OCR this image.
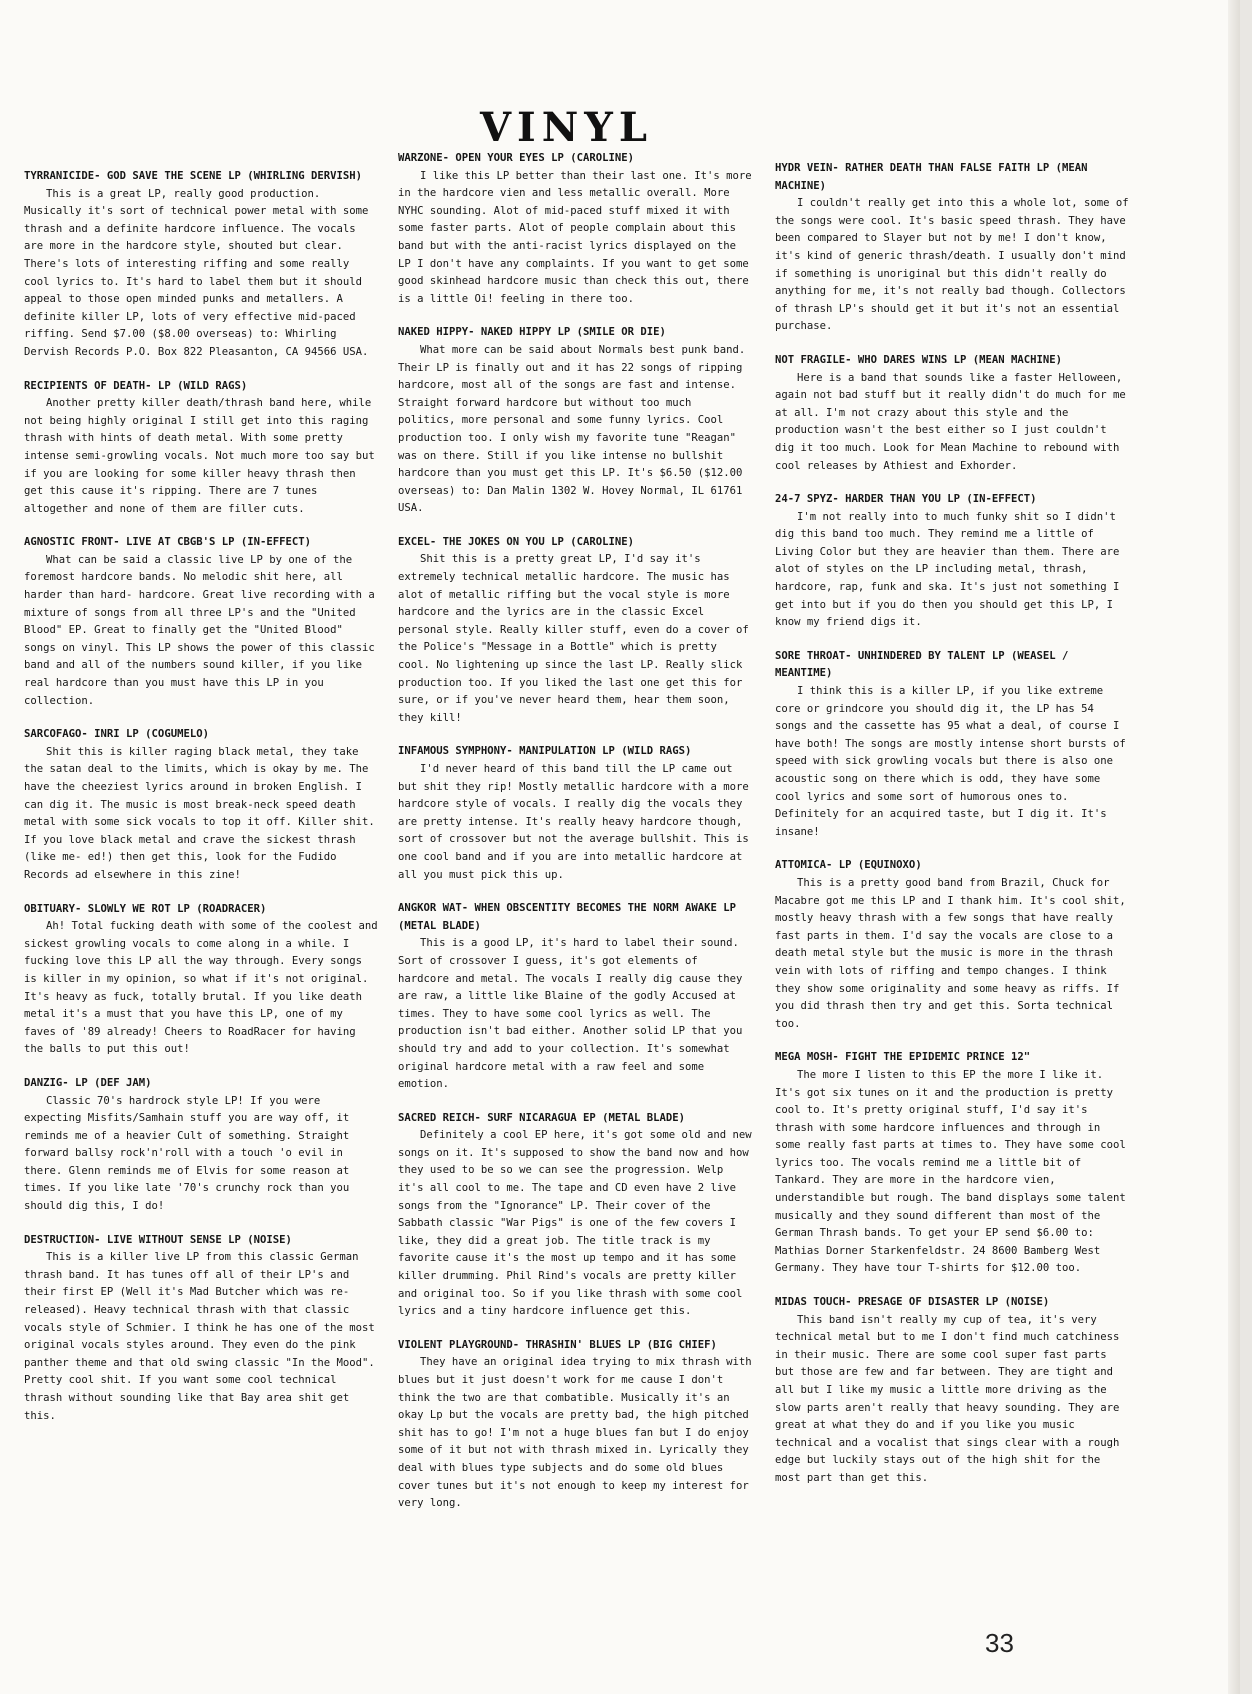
VINYL
TYRRANICIDE- GOD SAVE THE SCENE LP (WHIRLING DERVISH)

This is a great LP, really good production. Musically it's sort of technical power metal with some thrash and a definite hardcore influence. The vocals are more in the hardcore style, shouted but clear. There's lots of interesting riffing and some really cool lyrics to. It's hard to label them but it should appeal to those open minded punks and metallers. A definite killer LP, lots of very effective mid-paced riffing. Send $7.00 ($8.00 overseas) to: Whirling Dervish Records P.O. Box 822 Pleasanton, CA 94566 USA.

RECIPIENTS OF DEATH- LP (WILD RAGS)

Another pretty killer death/thrash band here, while not being highly original I still get into this raging thrash with hints of death metal. With some pretty intense semi-growling vocals. Not much more too say but if you are looking for some killer heavy thrash then get this cause it's ripping. There are 7 tunes altogether and none of them are filler cuts.

AGNOSTIC FRONT- LIVE AT CBGB'S LP (IN-EFFECT)

What can be said a classic live LP by one of the foremost hardcore bands. No melodic shit here, all harder than hard- hardcore. Great live recording with a mixture of songs from all three LP's and the "United Blood" EP. Great to finally get the "United Blood" songs on vinyl. This LP shows the power of this classic band and all of the numbers sound killer, if you like real hardcore than you must have this LP in you collection.

SARCOFAGO- INRI LP (COGUMELO)

Shit this is killer raging black metal, they take the satan deal to the limits, which is okay by me. The have the cheeziest lyrics around in broken English. I can dig it. The music is most break-neck speed death metal with some sick vocals to top it off. Killer shit. If you love black metal and crave the sickest thrash (like me- ed!) then get this, look for the Fudido Records ad elsewhere in this zine!

OBITUARY- SLOWLY WE ROT LP (ROADRACER)

Ah! Total fucking death with some of the coolest and sickest growling vocals to come along in a while. I fucking love this LP all the way through. Every songs is killer in my opinion, so what if it's not original. It's heavy as fuck, totally brutal. If you like death metal it's a must that you have this LP, one of my faves of '89 already! Cheers to RoadRacer for having the balls to put this out!

DANZIG- LP (DEF JAM)

Classic 70's hardrock style LP! If you were expecting Misfits/Samhain stuff you are way off, it reminds me of a heavier Cult of something. Straight forward ballsy rock'n'roll with a touch 'o evil in there. Glenn reminds me of Elvis for some reason at times. If you like late '70's crunchy rock than you should dig this, I do!

DESTRUCTION- LIVE WITHOUT SENSE LP (NOISE)

This is a killer live LP from this classic German thrash band. It has tunes off all of their LP's and their first EP (Well it's Mad Butcher which was re-released). Heavy technical thrash with that classic vocals style of Schmier. I think he has one of the most original vocals styles around. They even do the pink panther theme and that old swing classic "In the Mood". Pretty cool shit. If you want some cool technical thrash without sounding like that Bay area shit get this.

WARZONE- OPEN YOUR EYES LP (CAROLINE)

I like this LP better than their last one. It's more in the hardcore vien and less metallic overall. More NYHC sounding. Alot of mid-paced stuff mixed it with some faster parts. Alot of people complain about this band but with the anti-racist lyrics displayed on the LP I don't have any complaints. If you want to get some good skinhead hardcore music than check this out, there is a little Oi! feeling in there too.

NAKED HIPPY- NAKED HIPPY LP (SMILE OR DIE)

What more can be said about Normals best punk band. Their LP is finally out and it has 22 songs of ripping hardcore, most all of the songs are fast and intense. Straight forward hardcore but without too much politics, more personal and some funny lyrics. Cool production too. I only wish my favorite tune "Reagan" was on there. Still if you like intense no bullshit hardcore than you must get this LP. It's $6.50 ($12.00 overseas) to: Dan Malin 1302 W. Hovey Normal, IL 61761 USA.

EXCEL- THE JOKES ON YOU LP (CAROLINE)

Shit this is a pretty great LP, I'd say it's extremely technical metallic hardcore. The music has alot of metallic riffing but the vocal style is more hardcore and the lyrics are in the classic Excel personal style. Really killer stuff, even do a cover of the Police's "Message in a Bottle" which is pretty cool. No lightening up since the last LP. Really slick production too. If you liked the last one get this for sure, or if you've never heard them, hear them soon, they kill!

INFAMOUS SYMPHONY- MANIPULATION LP (WILD RAGS)

I'd never heard of this band till the LP came out but shit they rip! Mostly metallic hardcore with a more hardcore style of vocals. I really dig the vocals they are pretty intense. It's really heavy hardcore though, sort of crossover but not the average bullshit. This is one cool band and if you are into metallic hardcore at all you must pick this up.

ANGKOR WAT- WHEN OBSCENTITY BECOMES THE NORM AWAKE LP (METAL BLADE)

This is a good LP, it's hard to label their sound. Sort of crossover I guess, it's got elements of hardcore and metal. The vocals I really dig cause they are raw, a little like Blaine of the godly Accused at times. They to have some cool lyrics as well. The production isn't bad either. Another solid LP that you should try and add to your collection. It's somewhat original hardcore metal with a raw feel and some emotion.

SACRED REICH- SURF NICARAGUA EP (METAL BLADE)

Definitely a cool EP here, it's got some old and new songs on it. It's supposed to show the band now and how they used to be so we can see the progression. Welp it's all cool to me. The tape and CD even have 2 live songs from the "Ignorance" LP. Their cover of the Sabbath classic "War Pigs" is one of the few covers I like, they did a great job. The title track is my favorite cause it's the most up tempo and it has some killer drumming. Phil Rind's vocals are pretty killer and original too. So if you like thrash with some cool lyrics and a tiny hardcore influence get this.

VIOLENT PLAYGROUND- THRASHIN' BLUES LP (BIG CHIEF)

They have an original idea trying to mix thrash with blues but it just doesn't work for me cause I don't think the two are that combatible. Musically it's an okay Lp but the vocals are pretty bad, the high pitched shit has to go! I'm not a huge blues fan but I do enjoy some of it but not with thrash mixed in. Lyrically they deal with blues type subjects and do some old blues cover tunes but it's not enough to keep my interest for very long.

HYDR VEIN- RATHER DEATH THAN FALSE FAITH LP (MEAN MACHINE)

I couldn't really get into this a whole lot, some of the songs were cool. It's basic speed thrash. They have been compared to Slayer but not by me! I don't know, it's kind of generic thrash/death. I usually don't mind if something is unoriginal but this didn't really do anything for me, it's not really bad though. Collectors of thrash LP's should get it but it's not an essential purchase.

NOT FRAGILE- WHO DARES WINS LP (MEAN MACHINE)

Here is a band that sounds like a faster Helloween, again not bad stuff but it really didn't do much for me at all. I'm not crazy about this style and the production wasn't the best either so I just couldn't dig it too much. Look for Mean Machine to rebound with cool releases by Athiest and Exhorder.

24-7 SPYZ- HARDER THAN YOU LP (IN-EFFECT)

I'm not really into to much funky shit so I didn't dig this band too much. They remind me a little of Living Color but they are heavier than them. There are alot of styles on the LP including metal, thrash, hardcore, rap, funk and ska. It's just not something I get into but if you do then you should get this LP, I know my friend digs it.

SORE THROAT- UNHINDERED BY TALENT LP (WEASEL / MEANTIME)

I think this is a killer LP, if you like extreme core or grindcore you should dig it, the LP has 54 songs and the cassette has 95 what a deal, of course I have both! The songs are mostly intense short bursts of speed with sick growling vocals but there is also one acoustic song on there which is odd, they have some cool lyrics and some sort of humorous ones to. Definitely for an acquired taste, but I dig it. It's insane!

ATTOMICA- LP (EQUINOXO)

This is a pretty good band from Brazil, Chuck for Macabre got me this LP and I thank him. It's cool shit, mostly heavy thrash with a few songs that have really fast parts in them. I'd say the vocals are close to a death metal style but the music is more in the thrash vein with lots of riffing and tempo changes. I think they show some originality and some heavy as riffs. If you did thrash then try and get this. Sorta technical too.

MEGA MOSH- FIGHT THE EPIDEMIC PRINCE 12"

The more I listen to this EP the more I like it. It's got six tunes on it and the production is pretty cool to. It's pretty original stuff, I'd say it's thrash with some hardcore influences and through in some really fast parts at times to. They have some cool lyrics too. The vocals remind me a little bit of Tankard. They are more in the hardcore vien, understandible but rough. The band displays some talent musically and they sound different than most of the German Thrash bands. To get your EP send $6.00 to: Mathias Dorner Starkenfeldstr. 24 8600 Bamberg West Germany. They have tour T-shirts for $12.00 too.

MIDAS TOUCH- PRESAGE OF DISASTER LP (NOISE)

This band isn't really my cup of tea, it's very technical metal but to me I don't find much catchiness in their music. There are some cool super fast parts but those are few and far between. They are tight and all but I like my music a little more driving as the slow parts aren't really that heavy sounding. They are great at what they do and if you like you music technical and a vocalist that sings clear with a rough edge but luckily stays out of the high shit for the most part than get this.

33
